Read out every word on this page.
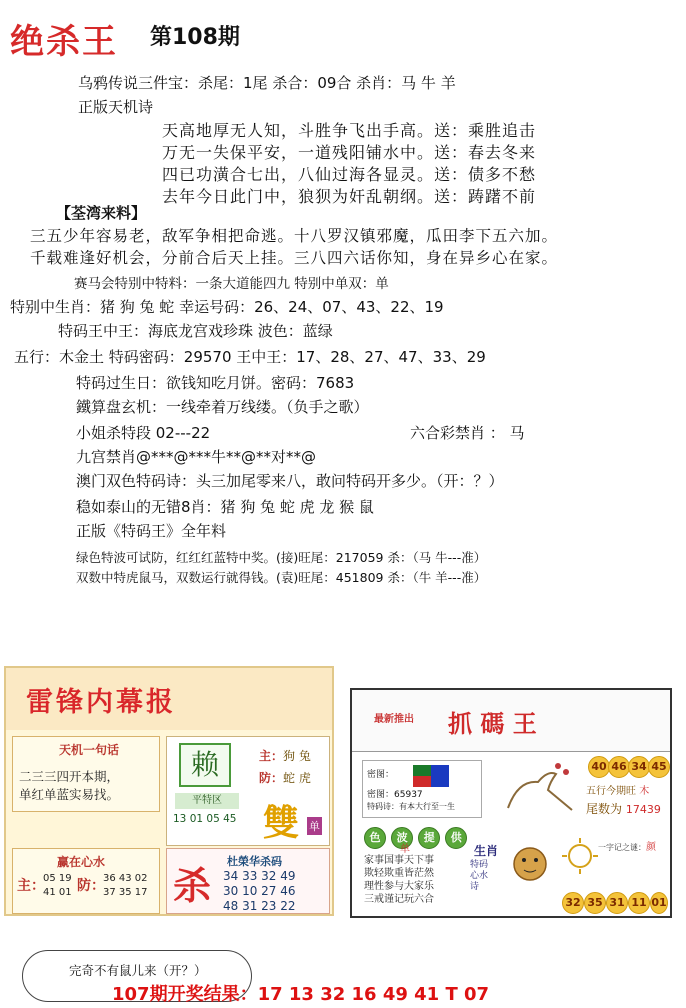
绝杀王 第108期
乌鸦传说三件宝：杀尾：1尾 杀合：09合 杀肖：马 牛 羊
正版天机诗
天高地厚无人知，斗胜争飞出手高。送：乘胜追击
万无一失保平安，一道残阳铺水中。送：春去冬来
四已功潢合七出，八仙过海各显灵。送：债多不愁
去年今日此门中，狼狈为奸乱朝纲。送：踌躇不前
【荃湾来料】
三五少年容易老，敌军争相把命逃。十八罗汉镇邪魔，瓜田李下五六加。
千载难逢好机会，分前合后天上挂。三八四六话你知，身在异乡心在家。
赛马会特别中特料：一条大道能四九 特别中单双：单
特别中生肖：猪 狗 兔 蛇 幸运号码：26、24、07、43、22、19
特码王中王：海底龙宫戏珍珠 波色：蓝绿
五行：木金土 特码密码：29570 王中王：17、28、27、47、33、29
特码过生日：欲钱知吃月饼。密码：7683
鐵算盘玄机：一线牵着万线缕。（负手之歌）
小姐杀特段 02---22	六合彩禁肖 ： 马
九宫禁肖@***@***牛**@**对**@
澳门双色特码诗：头三加尾零来八，敢问特码开多少。（开：？）
稳如泰山的无错8肖：猪 狗 兔 蛇 虎 龙 猴 鼠
正版《特码王》全年料
绿色特波可试防，红红红蓝特中奖。(接)旺尾：217059 杀：（马 牛---准）
双数中特虎鼠马，双数运行就得钱。(袁)旺尾：451809 杀：（牛 羊---准）
雷锋内幕报
天机一句话
二三三四开本期，
单红单蓝实易找。
赖
平特区
13 01 05 45
主：狗 兔
防：蛇 虎
雙 单
赢在心水
主：
05 19
41 01 防：
36 43 02
37 35 17 杀
杜榮华杀码
34 33 32 49
30 10 27 46
48 31 23 22
最新推出 抓 碼 王
40 46 34 45
密图：
密图：65937
特码诗：有本大行至一生
五行今期旺 木
尾数为 17439
色 波 提 供
单
家事国事天下事
欺轻欺重皆茫然
理性参与大家乐
三戒谨记玩六合
生肖
特码心水诗
一字记之谜：颜
32 35 31 11 01
完奇不有鼠儿来（开？）
107期开奖结果：17 13 32 16 49 41 T 07
